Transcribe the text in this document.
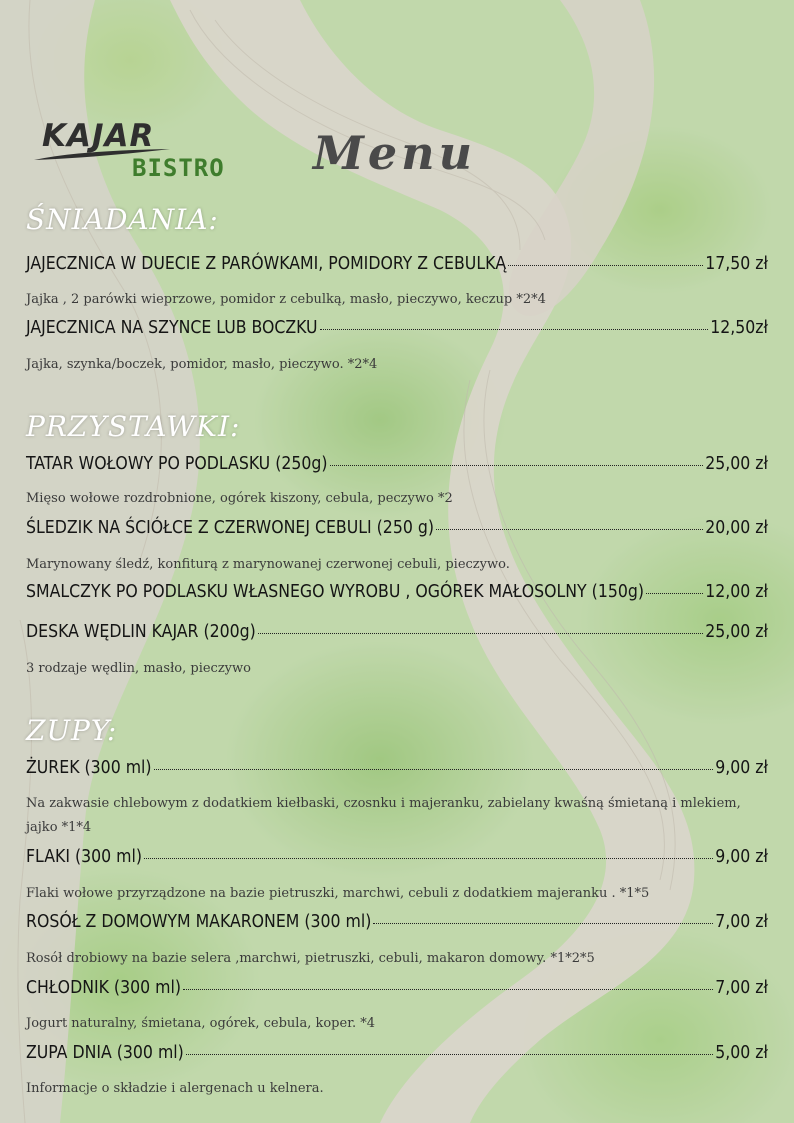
KAJAR
BISTRO Menu
ŚNIADANIA:
JAJECZNICA W DUECIE Z PARÓWKAMI, POMIDORY Z CEBULKĄ	17,50 zł
Jajka , 2 parówki wieprzowe, pomidor z cebulką, masło, pieczywo, keczup *2*4
JAJECZNICA NA SZYNCE LUB BOCZKU	12,50zł
Jajka, szynka/boczek, pomidor, masło, pieczywo. *2*4
PRZYSTAWKI:
TATAR WOŁOWY PO PODLASKU (250g)	25,00 zł
Mięso wołowe rozdrobnione, ogórek kiszony, cebula, peczywo *2
ŚLEDZIK NA ŚCIÓŁCE Z CZERWONEJ CEBULI (250 g)	20,00 zł
Marynowany śledź, konfiturą z marynowanej czerwonej cebuli, pieczywo.
SMALCZYK PO PODLASKU WŁASNEGO WYROBU , OGÓREK MAŁOSOLNY (150g)	12,00 zł
DESKA WĘDLIN KAJAR (200g)	25,00 zł
3 rodzaje wędlin, masło, pieczywo
ZUPY:
ŻUREK (300 ml)	9,00 zł
Na zakwasie chlebowym z dodatkiem kiełbaski, czosnku i majeranku, zabielany kwaśną śmietaną i mlekiem, jajko *1*4
FLAKI (300 ml)	9,00 zł
Flaki wołowe przyrządzone na bazie pietruszki, marchwi, cebuli z dodatkiem majeranku . *1*5
ROSÓŁ Z DOMOWYM MAKARONEM (300 ml)	7,00 zł
Rosół drobiowy na bazie selera ,marchwi, pietruszki, cebuli, makaron domowy. *1*2*5
CHŁODNIK (300 ml)	7,00 zł
Jogurt naturalny, śmietana, ogórek, cebula, koper. *4
ZUPA DNIA (300 ml)	5,00 zł
Informacje o składzie i alergenach u kelnera.
